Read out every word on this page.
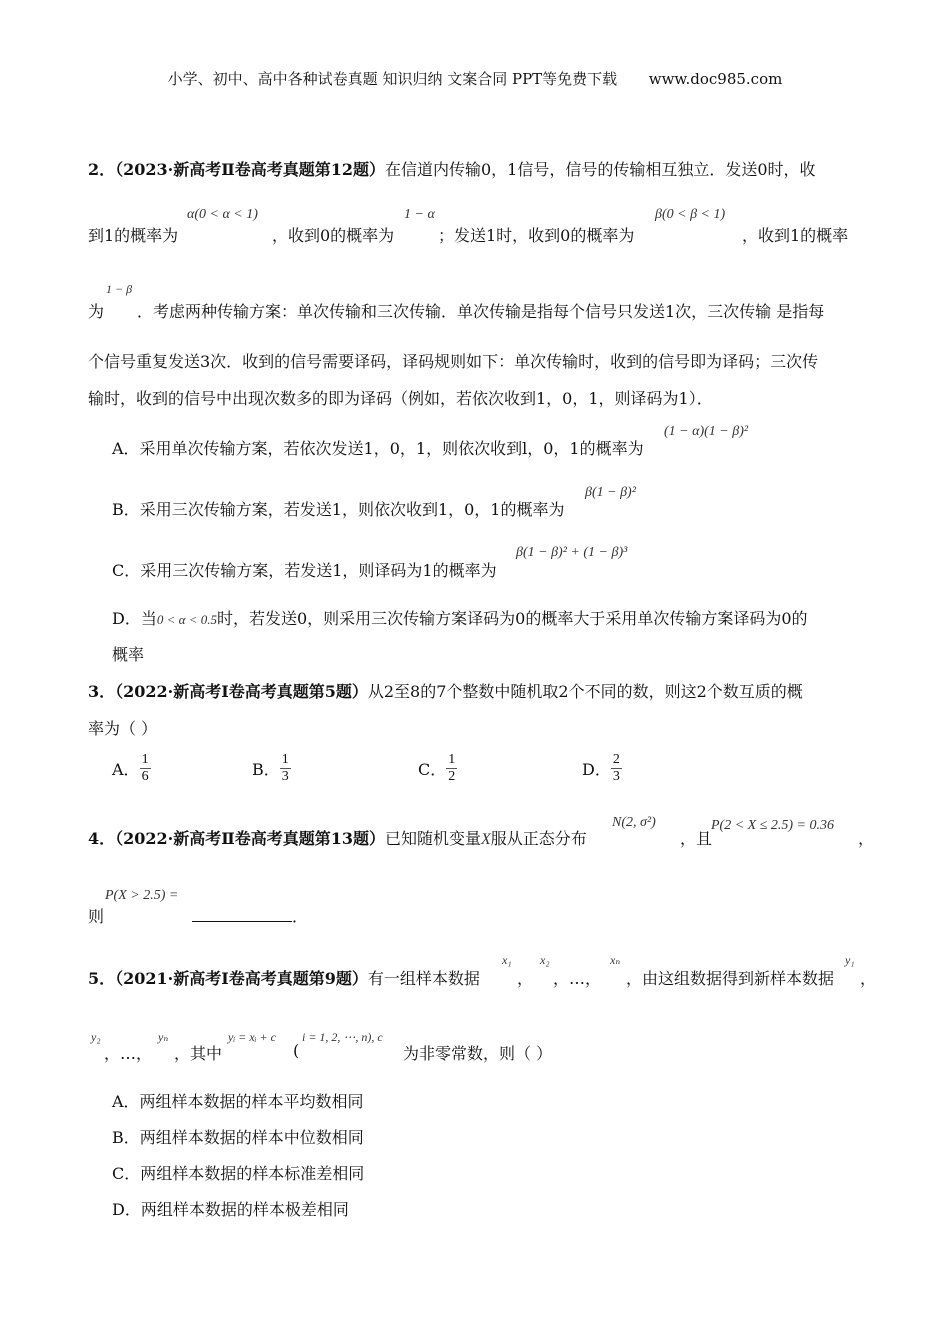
小学、初中、高中各种试卷真题 知识归纳 文案合同 PPT等免费下载 www.doc985.com
2．（2023·新高考Ⅱ卷高考真题第12题）在信道内传输0，1信号，信号的传输相互独立．发送0时，收
α(0 < α < 1)	1 − α	β(0 < β < 1)
到1的概率为	，收到0的概率为	；发送1时，收到0的概率为	，收到1的概率
1 − β
为 ．考虑两种传输方案：单次传输和三次传输．单次传输是指每个信号只发送1次，三次传输 是指每
个信号重复发送3次．收到的信号需要译码，译码规则如下：单次传输时，收到的信号即为译码；三次传
输时，收到的信号中出现次数多的即为译码（例如，若依次收到1，0，1，则译码为1）．
A．采用单次传输方案，若依次发送1，0，1，则依次收到l，0，1的概率为
(1 − α)(1 − β)²
B．采用三次传输方案，若发送1，则依次收到1，0，1的概率为
β(1 − β)²
C．采用三次传输方案，若发送1，则译码为1的概率为
β(1 − β)² + (1 − β)³
D．当0 < α < 0.5时，若发送0，则采用三次传输方案译码为0的概率大于采用单次传输方案译码为0的
概率
3．（2022·新高考Ⅰ卷高考真题第5题）从2至8的7个整数中随机取2个不同的数，则这2个数互质的概
率为（ ）
A． $\frac{1}{6}$	B． $\frac{1}{3}$	C． $\frac{1}{2}$	D． $\frac{2}{3}$
4．（2022·新高考Ⅱ卷高考真题第13题）已知随机变量X服从正态分布
N(2, σ²)
，且
P(2 < X ≤ 2.5) = 0.36
，
P(X > 2.5) =
则	．
5．（2021·新高考Ⅰ卷高考真题第9题）有一组样本数据
x₁
，
x₂
，…，
xₙ
，由这组数据得到新样本数据
y₁
，
y₂
，…，
yₙ
，其中
yᵢ = xᵢ + c
(
i = 1, 2, ⋯, n), c
为非零常数，则（ ）
A．两组样本数据的样本平均数相同
B．两组样本数据的样本中位数相同
C．两组样本数据的样本标准差相同
D．两组样本数据的样本极差相同
